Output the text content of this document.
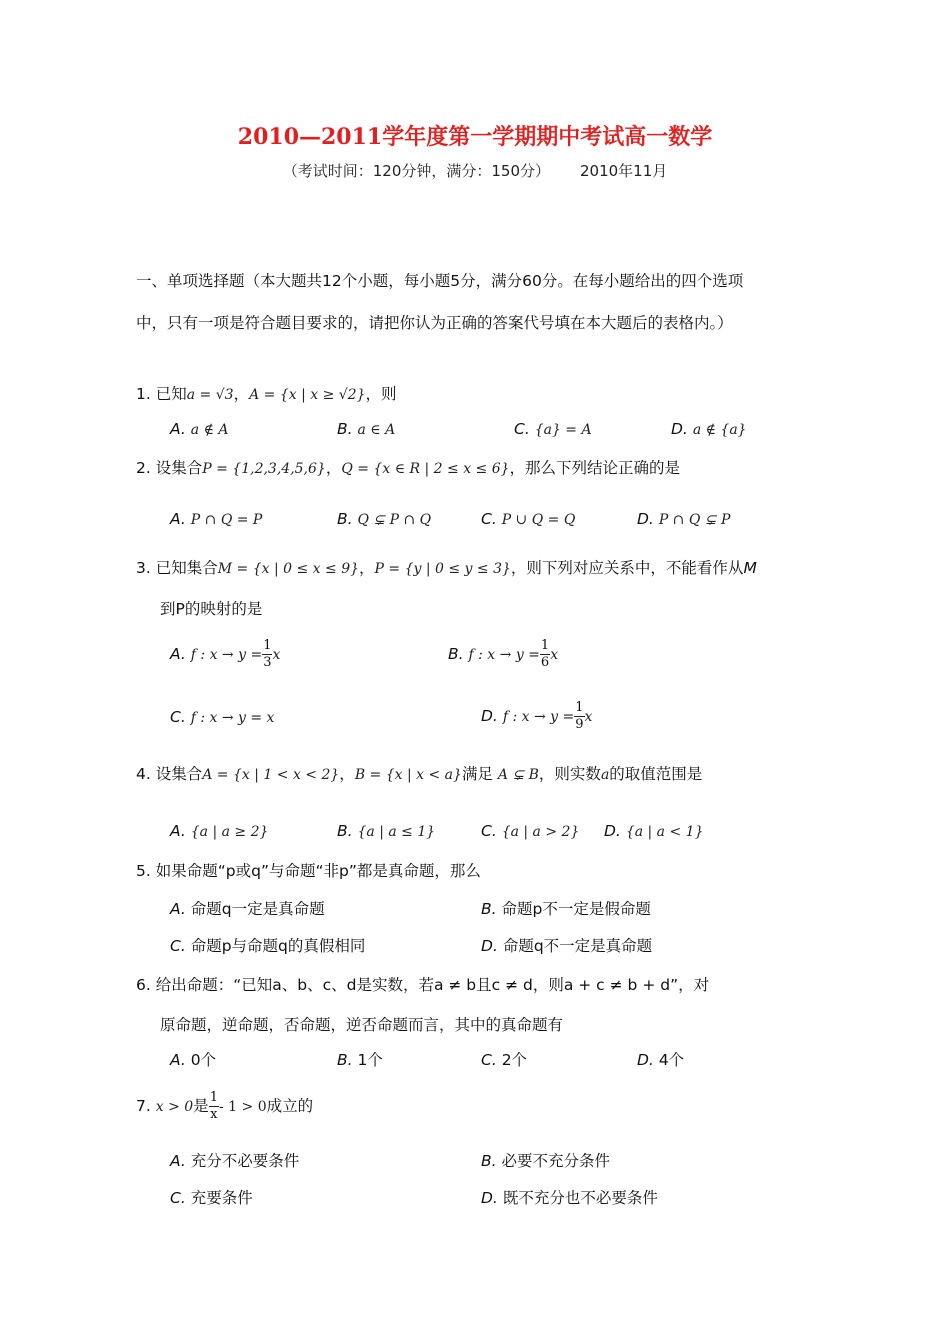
2010—2011学年度第一学期期中考试高一数学
（考试时间：120分钟，满分：150分） 2010年11月
一、单项选择题（本大题共12个小题，每小题5分，满分60分。在每小题给出的四个选项
中，只有一项是符合题目要求的，请把你认为正确的答案代号填在本大题后的表格内。）
1. 已知a = √3，A = {x | x ≥ √2}，则
A. a ∉ A	B. a ∈ A	C. {a} = A	D. a ∉ {a}
2. 设集合P = {1,2,3,4,5,6}，Q = {x ∈ R | 2 ≤ x ≤ 6}，那么下列结论正确的是
A. P ∩ Q = P	B. Q ⊊ P ∩ Q	C. P ∪ Q = Q	D. P ∩ Q ⊊ P
3. 已知集合M = {x | 0 ≤ x ≤ 9}，P = {y | 0 ≤ y ≤ 3}，则下列对应关系中，不能看作从M
到P的映射的是
A. f : $x \to y = \frac{1}{3}$ x	B. f : $x \to y = \frac{1}{6}$ x
C. f : x → y = x	D. f : $x \to y = \frac{1}{9}$ x
4. 设集合A = {x | 1 < x < 2}，B = {x | x < a}满足 A ⊊ B，则实数a的取值范围是
A. {a | a ≥ 2}	B. {a | a ≤ 1}	C. {a | a > 2} D. {a | a < 1}
5. 如果命题“p或q”与命题“非p”都是真命题，那么
A. 命题q一定是真命题	B. 命题p不一定是假命题
C. 命题p与命题q的真假相同	D. 命题q不一定是真命题
6. 给出命题：“已知a、b、c、d是实数，若a ≠ b且c ≠ d，则a + c ≠ b + d”，对
原命题，逆命题，否命题，逆否命题而言，其中的真命题有
A. 0个	B. 1个	C. 2个	D. 4个
7. x > 0是 $\frac{1}{x} - 1 > 0$成立的
A. 充分不必要条件	B. 必要不充分条件
C. 充要条件	D. 既不充分也不必要条件
